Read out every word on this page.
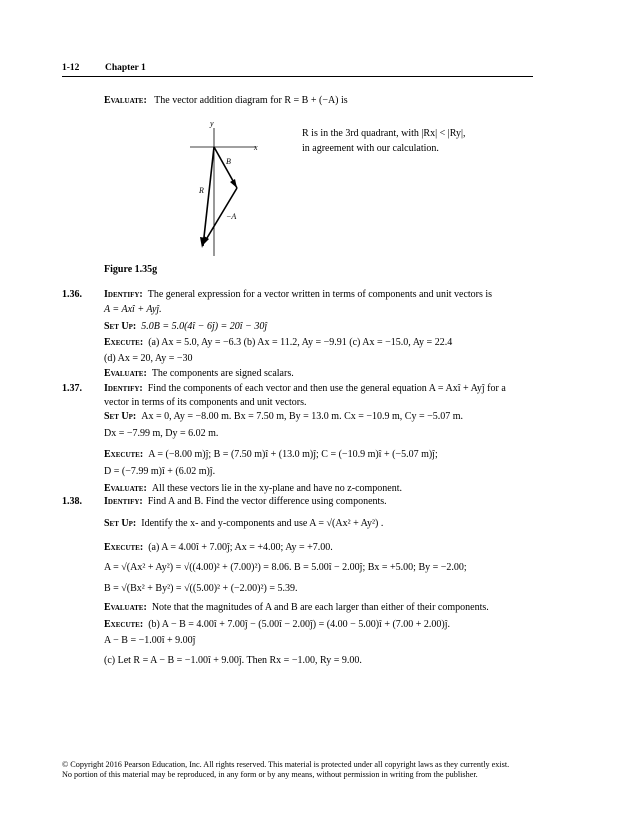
1-12	Chapter 1
Evaluate: The vector addition diagram for R = B + (−A) is
R is in the 3rd quadrant, with |Rx| < |Ry|,
in agreement with our calculation.
y
x
B
−A
R
Figure 1.35g
1.36. Identify: The general expression for a vector written in terms of components and unit vectors is
A = Axî + Ayĵ.
Set Up: 5.0B = 5.0(4î − 6ĵ) = 20î − 30ĵ
Execute: (a) Ax = 5.0, Ay = −6.3 (b) Ax = 11.2, Ay = −9.91 (c) Ax = −15.0, Ay = 22.4
(d) Ax = 20, Ay = −30
Evaluate: The components are signed scalars.
1.37. Identify: Find the components of each vector and then use the general equation A = Axî + Ayĵ for a
vector in terms of its components and unit vectors.
Set Up: Ax = 0, Ay = −8.00 m. Bx = 7.50 m, By = 13.0 m. Cx = −10.9 m, Cy = −5.07 m.
Dx = −7.99 m, Dy = 6.02 m.
Execute: A = (−8.00 m)ĵ; B = (7.50 m)î + (13.0 m)ĵ; C = (−10.9 m)î + (−5.07 m)ĵ;
D = (−7.99 m)î + (6.02 m)ĵ.
Evaluate: All these vectors lie in the xy-plane and have no z-component.
1.38. Identify: Find A and B. Find the vector difference using components.
Set Up: Identify the x- and y-components and use A = √(Ax² + Ay²) .
Execute: (a) A = 4.00î + 7.00ĵ; Ax = +4.00; Ay = +7.00.
A = √(Ax² + Ay²) = √((4.00)² + (7.00)²) = 8.06. B = 5.00î − 2.00ĵ; Bx = +5.00; By = −2.00;
B = √(Bx² + By²) = √((5.00)² + (−2.00)²) = 5.39.
Evaluate: Note that the magnitudes of A and B are each larger than either of their components.
Execute: (b) A − B = 4.00î + 7.00ĵ − (5.00î − 2.00ĵ) = (4.00 − 5.00)î + (7.00 + 2.00)ĵ.
A − B = −1.00î + 9.00ĵ
(c) Let R = A − B = −1.00î + 9.00ĵ. Then Rx = −1.00, Ry = 9.00.
© Copyright 2016 Pearson Education, Inc. All rights reserved. This material is protected under all copyright laws as they currently exist.
No portion of this material may be reproduced, in any form or by any means, without permission in writing from the publisher.
